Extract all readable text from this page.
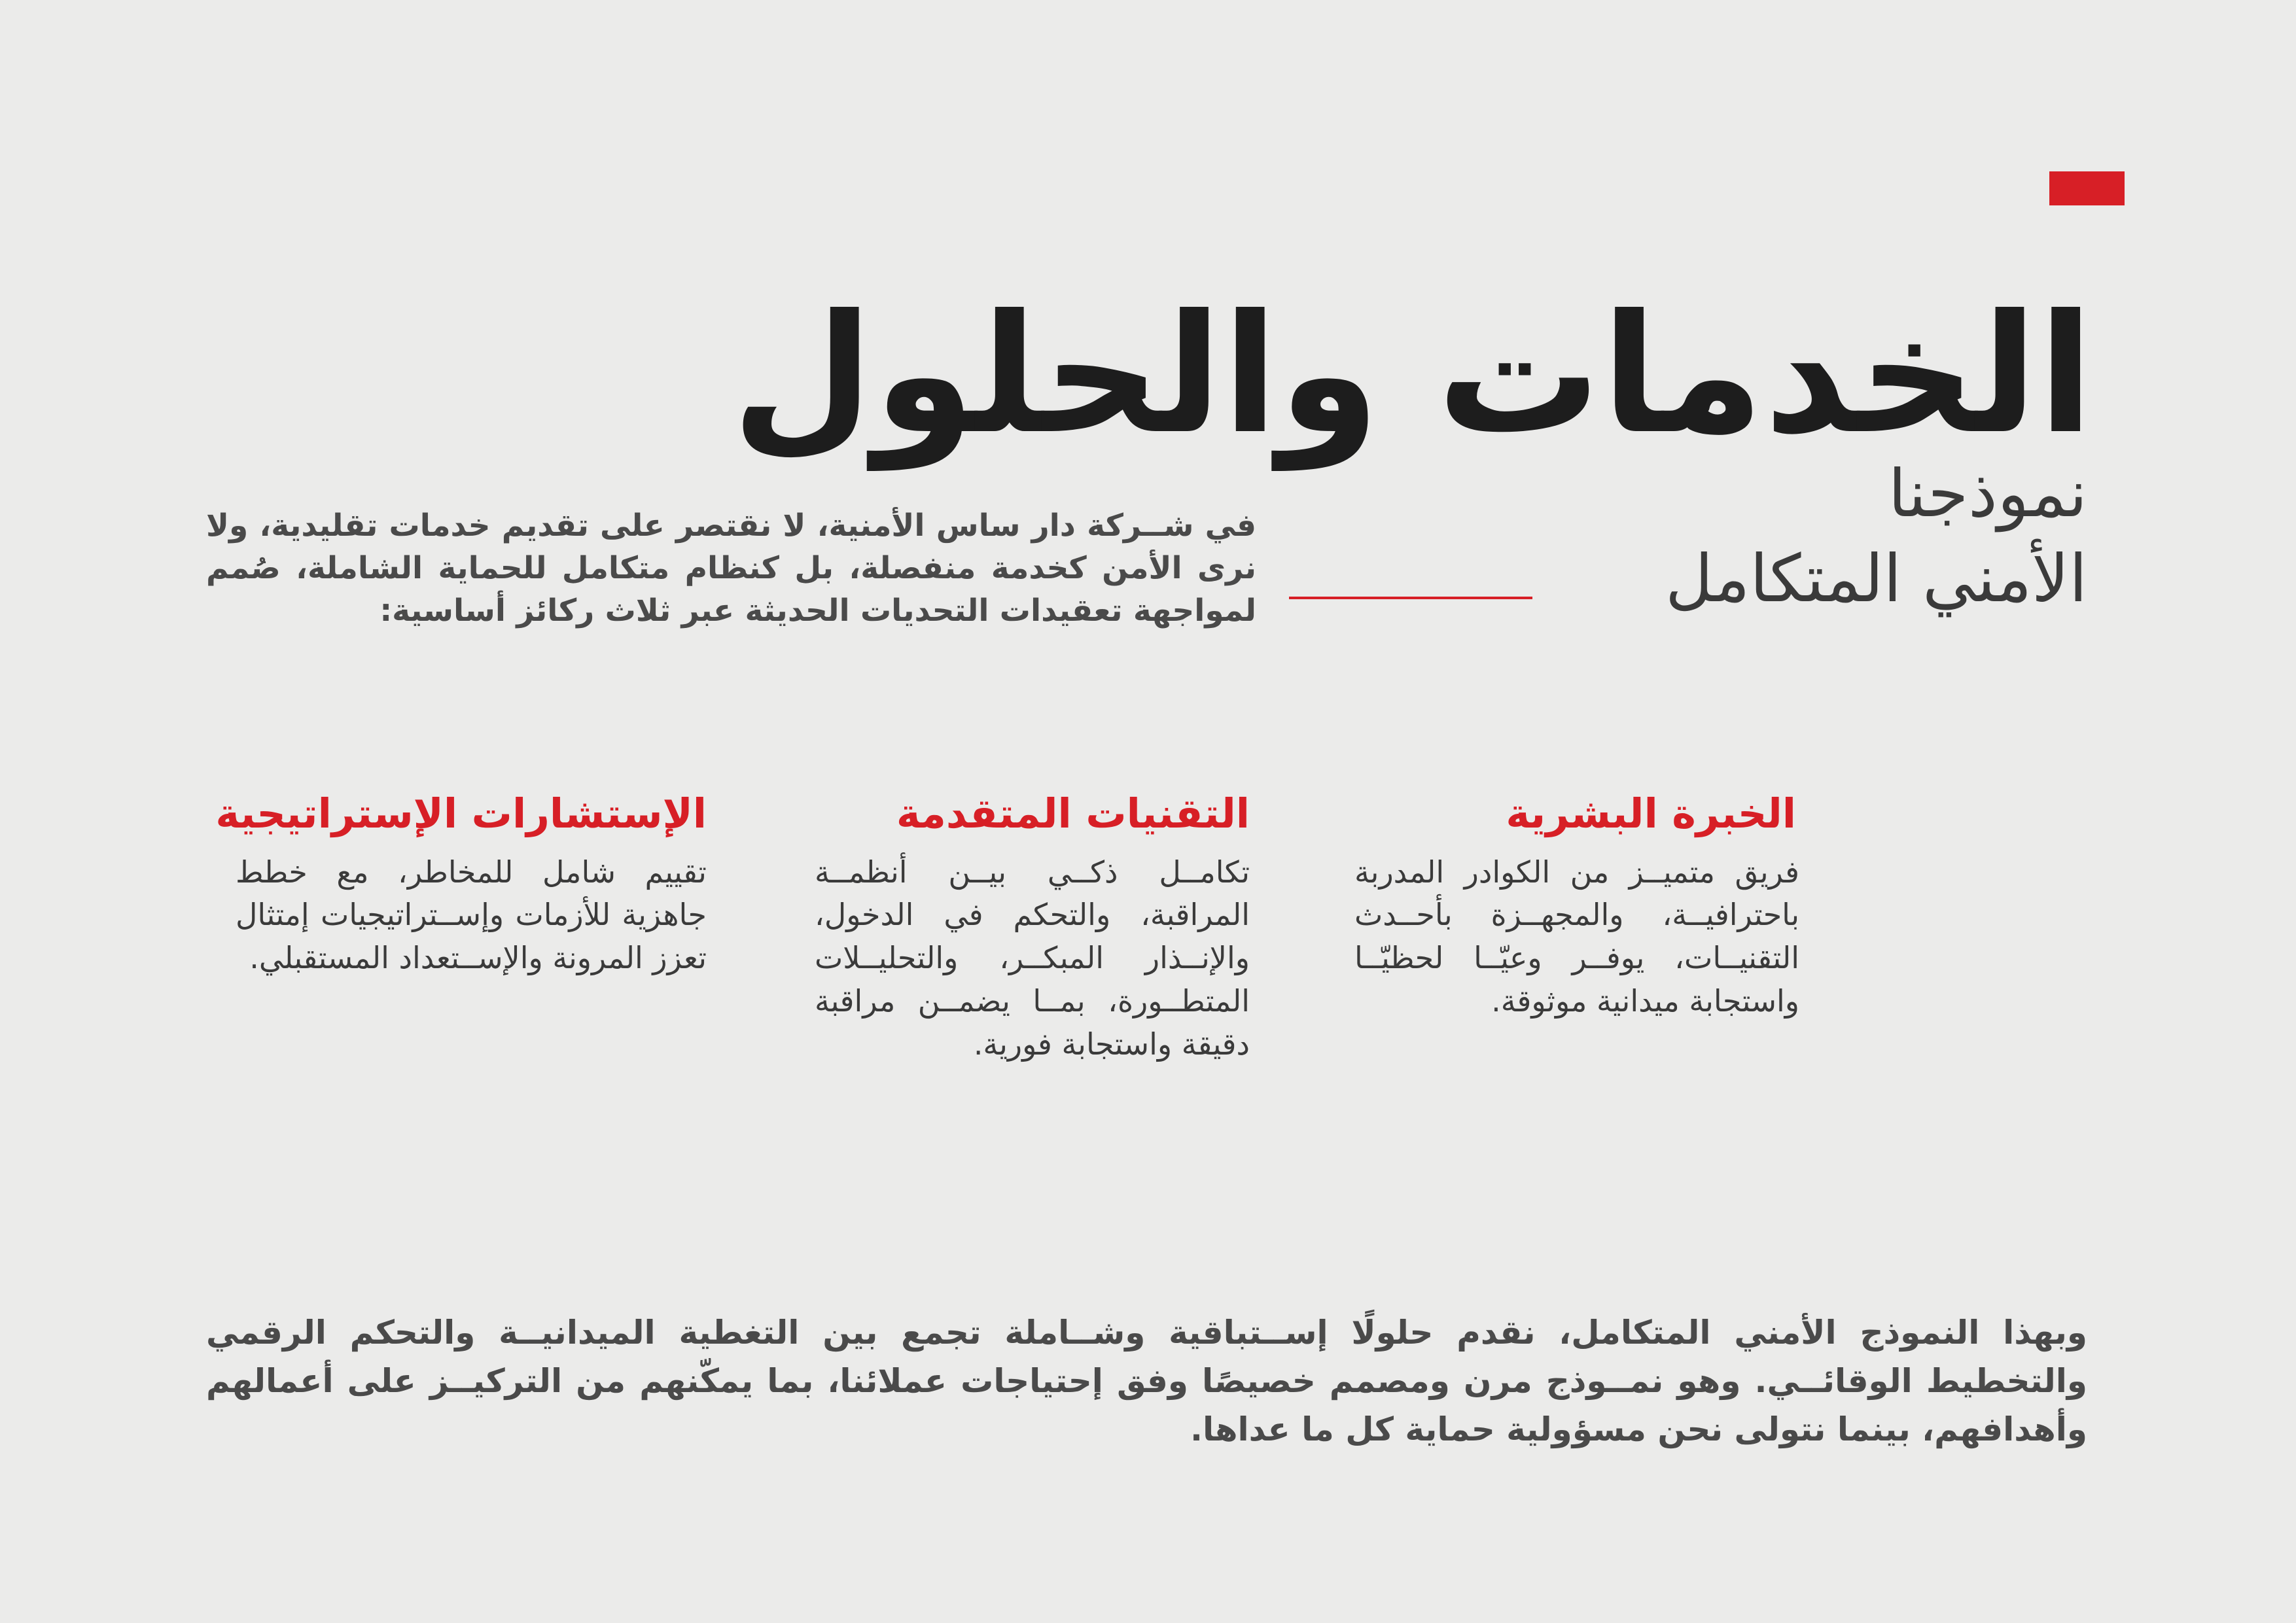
الخدمات والحلول
نموذجنا
الأمني المتكامل

في شــركة دار ساس الأمنية، لا نقتصر على تقديم خدمات تقليدية، ولا نرى الأمن كخدمة منفصلة، بل كنظام متكامل للحماية الشاملة، صُمم لمواجهة تعقيدات التحديات الحديثة عبر ثلاث ركائز أساسية:

الخبرة البشرية
فريق متميــز من الكوادر المدربة باحترافيــة، والمجهــزة بأحــدث التقنيــات، يوفــر وعيّــا لحظيّــا واستجابة ميدانية موثوقة.
التقنيات المتقدمة
تكامــل ذكــي بيــن أنظمــة المراقبة، والتحكم في الدخول، والإنــذار المبكــر، والتحليــلات المتطــورة، بمــا يضمــن مراقبة دقيقة واستجابة فورية.
الإستشارات الإستراتيجية
تقييم شامل للمخاطر، مع خطط جاهزية للأزمات وإســتراتيجيات إمتثال تعزز المرونة والإســتعداد المستقبلي.

وبهذا النموذج الأمني المتكامل، نقدم حلولًا إســتباقية وشــاملة تجمع بين التغطية الميدانيــة والتحكم الرقمي والتخطيط الوقائــي. وهو نمــوذج مرن ومصمم خصيصًا وفق إحتياجات عملائنا، بما يمكّنهم من التركيــز على أعمالهم وأهدافهم، بينما نتولى نحن مسؤولية حماية كل ما عداها.
